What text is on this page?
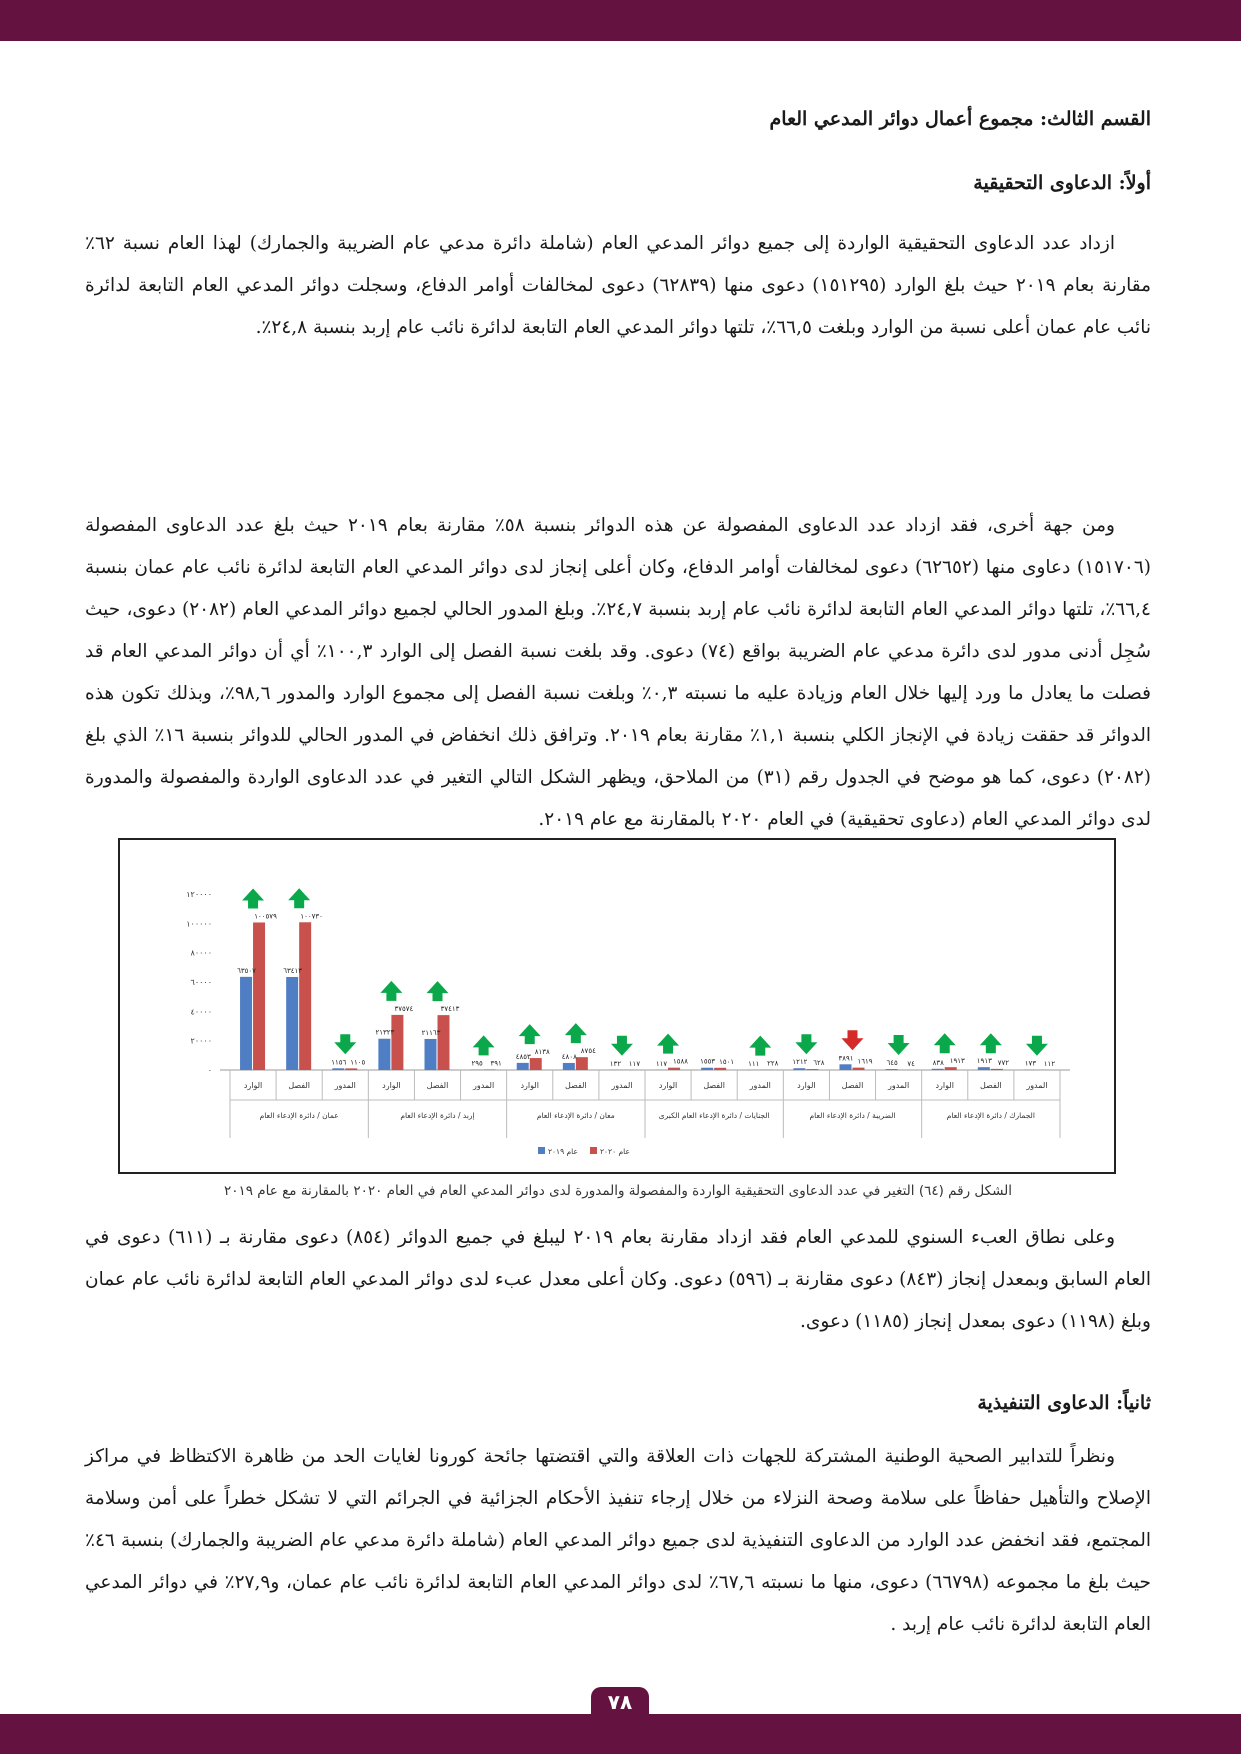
القسم الثالث: مجموع أعمال دوائر المدعي العام
أولاً: الدعاوى التحقيقية

ازداد عدد الدعاوى التحقيقية الواردة إلى جميع دوائر المدعي العام (شاملة دائرة مدعي عام الضريبة والجمارك) لهذا العام نسبة ٦٢٪ مقارنة بعام ٢٠١٩ حيث بلغ الوارد (١٥١٢٩٥) دعوى منها (٦٢٨٣٩) دعوى لمخالفات أوامر الدفاع، وسجلت دوائر المدعي العام التابعة لدائرة نائب عام عمان أعلى نسبة من الوارد وبلغت ٦٦,٥٪، تلتها دوائر المدعي العام التابعة لدائرة نائب عام إربد بنسبة ٢٤,٨٪.

ومن جهة أخرى، فقد ازداد عدد الدعاوى المفصولة عن هذه الدوائر بنسبة ٥٨٪ مقارنة بعام ٢٠١٩ حيث بلغ عدد الدعاوى المفصولة (١٥١٧٠٦) دعاوى منها (٦٢٦٥٢) دعوى لمخالفات أوامر الدفاع، وكان أعلى إنجاز لدى دوائر المدعي العام التابعة لدائرة نائب عام عمان بنسبة ٦٦,٤٪، تلتها دوائر المدعي العام التابعة لدائرة نائب عام إربد بنسبة ٢٤,٧٪. وبلغ المدور الحالي لجميع دوائر المدعي العام (٢٠٨٢) دعوى، حيث سُجِل أدنى مدور لدى دائرة مدعي عام الضريبة بواقع (٧٤) دعوى. وقد بلغت نسبة الفصل إلى الوارد ١٠٠,٣٪ أي أن دوائر المدعي العام قد فصلت ما يعادل ما ورد إليها خلال العام وزيادة عليه ما نسبته ٠,٣٪ وبلغت نسبة الفصل إلى مجموع الوارد والمدور ٩٨,٦٪، وبذلك تكون هذه الدوائر قد حققت زيادة في الإنجاز الكلي بنسبة ١,١٪ مقارنة بعام ٢٠١٩. وترافق ذلك انخفاض في المدور الحالي للدوائر بنسبة ١٦٪ الذي بلغ (٢٠٨٢) دعوى، كما هو موضح في الجدول رقم (٣١) من الملاحق، ويظهر الشكل التالي التغير في عدد الدعاوى الواردة والمفصولة والمدورة لدى دوائر المدعي العام (دعاوى تحقيقية) في العام ٢٠٢٠ بالمقارنة مع عام ٢٠١٩.

وعلى نطاق العبء السنوي للمدعي العام فقد ازداد مقارنة بعام ٢٠١٩ ليبلغ في جميع الدوائر (٨٥٤) دعوى مقارنة بـ (٦١١) دعوى في العام السابق وبمعدل إنجاز (٨٤٣) دعوى مقارنة بـ (٥٩٦) دعوى. وكان أعلى معدل عبء لدى دوائر المدعي العام التابعة لدائرة نائب عام عمان وبلغ (١١٩٨) دعوى بمعدل إنجاز (١١٨٥) دعوى.

ثانياً: الدعاوى التنفيذية

ونظراً للتدابير الصحية الوطنية المشتركة للجهات ذات العلاقة والتي اقتضتها جائحة كورونا لغايات الحد من ظاهرة الاكتظاظ في مراكز الإصلاح والتأهيل حفاظاً على سلامة وصحة النزلاء من خلال إرجاء تنفيذ الأحكام الجزائية في الجرائم التي لا تشكل خطراً على أمن وسلامة المجتمع، فقد انخفض عدد الوارد من الدعاوى التنفيذية لدى جميع دوائر المدعي العام (شاملة دائرة مدعي عام الضريبة والجمارك) بنسبة ٤٦٪ حيث بلغ ما مجموعه (٦٦٧٩٨) دعوى، منها ما نسبته ٦٧,٦٪ لدى دوائر المدعي العام التابعة لدائرة نائب عام عمان، و٢٧,٩٪ في دوائر المدعي العام التابعة لدائرة نائب عام إربد .

٠
٢٠٠٠٠
٤٠٠٠٠
٦٠٠٠٠
٨٠٠٠٠
١٠٠٠٠٠
١٢٠٠٠٠
٦٣٥٠٧
١٠٠٥٧٩
الوارد
٦٣٤١٣
١٠٠٧٣٠
الفصل
١١٥٦ ١١٠٥
المدور
٢١٣٢٣
٣٧٥٧٤
الوارد
٢١١٦٣
٣٧٤١٣
الفصل
٢٩٥ ٣٩١
المدور
٤٨٥٣
٨١٣٨
الوارد
٤٨٠٨
٨٧٥٤
الفصل
١٣٢ ١١٧
المدور
١١٧ ١٥٨٨
الوارد
١٥٥٣ ١٥٠١
الفصل
١١١ ٢٢٨
المدور
١٢١٢ ٦٢٨
الوارد
٣٨٩١ ١٦١٩
الفصل
٦٤٥ ٧٤
المدور
٨٣٨ ١٩١٣
الوارد
١٩١٣ ٧٧٢
الفصل
١٧٣ ١١٢
المدور
عمان / دائرة الإدعاء العام	إربد / دائرة الإدعاء العام	معان / دائرة الإدعاء العام	الجنايات / دائرة الإدعاء العام الكبرى	الضريبة / دائرة الإدعاء العام	الجمارك / دائرة الإدعاء العام
عام ٢٠٢٠
عام ٢٠١٩
الشكل رقم (٦٤) التغير في عدد الدعاوى التحقيقية الواردة والمفصولة والمدورة لدى دوائر المدعي العام في العام ٢٠٢٠ بالمقارنة مع عام ٢٠١٩
٧٨
